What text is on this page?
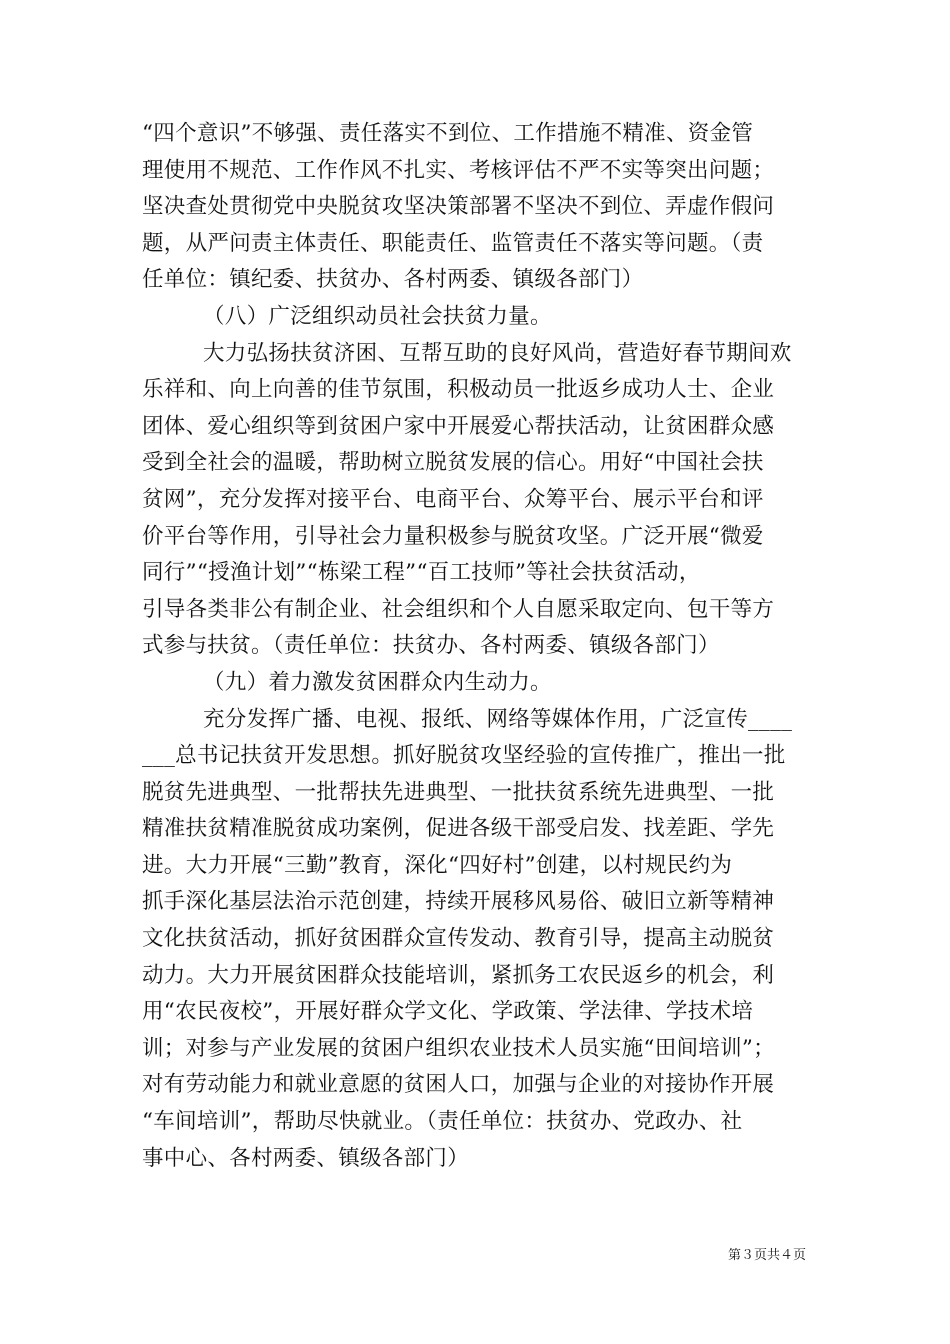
“四个意识”不够强、责任落实不到位、工作措施不精准、资金管
理使用不规范、工作作风不扎实、考核评估不严不实等突出问题；
坚决查处贯彻党中央脱贫攻坚决策部署不坚决不到位、弄虚作假问
题，从严问责主体责任、职能责任、监管责任不落实等问题。（责
任单位：镇纪委、扶贫办、各村两委、镇级各部门）
（八）广泛组织动员社会扶贫力量。
大力弘扬扶贫济困、互帮互助的良好风尚，营造好春节期间欢
乐祥和、向上向善的佳节氛围，积极动员一批返乡成功人士、企业
团体、爱心组织等到贫困户家中开展爱心帮扶活动，让贫困群众感
受到全社会的温暖，帮助树立脱贫发展的信心。用好“中国社会扶
贫网”，充分发挥对接平台、电商平台、众筹平台、展示平台和评
价平台等作用，引导社会力量积极参与脱贫攻坚。广泛开展“微爱
同行”“授渔计划”“栋梁工程”“百工技师”等社会扶贫活动，
引导各类非公有制企业、社会组织和个人自愿采取定向、包干等方
式参与扶贫。（责任单位：扶贫办、各村两委、镇级各部门）
（九）着力激发贫困群众内生动力。
充分发挥广播、电视、报纸、网络等媒体作用，广泛宣传____
___总书记扶贫开发思想。抓好脱贫攻坚经验的宣传推广，推出一批
脱贫先进典型、一批帮扶先进典型、一批扶贫系统先进典型、一批
精准扶贫精准脱贫成功案例，促进各级干部受启发、找差距、学先
进。大力开展“三勤”教育，深化“四好村”创建，以村规民约为
抓手深化基层法治示范创建，持续开展移风易俗、破旧立新等精神
文化扶贫活动，抓好贫困群众宣传发动、教育引导，提高主动脱贫
动力。大力开展贫困群众技能培训，紧抓务工农民返乡的机会，利
用“农民夜校”，开展好群众学文化、学政策、学法律、学技术培
训；对参与产业发展的贫困户组织农业技术人员实施“田间培训”；
对有劳动能力和就业意愿的贫困人口，加强与企业的对接协作开展
“车间培训”，帮助尽快就业。（责任单位：扶贫办、党政办、社
事中心、各村两委、镇级各部门）
第３页共４页
